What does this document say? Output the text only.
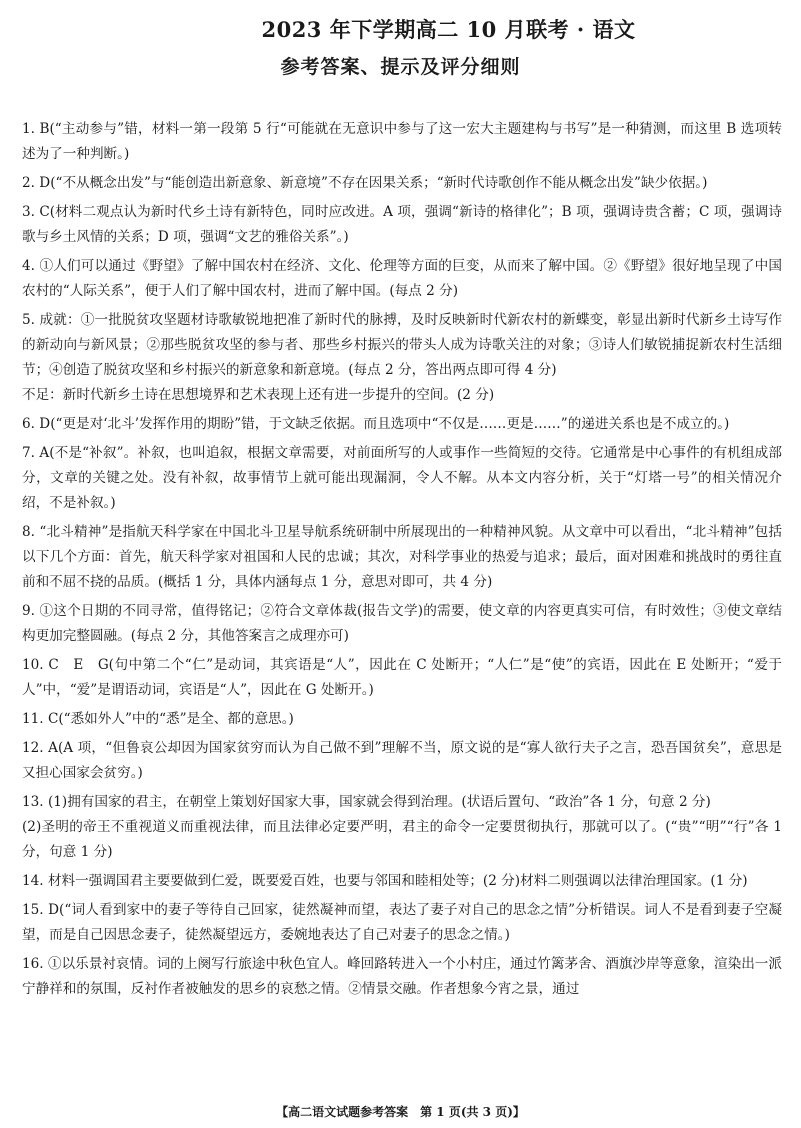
2023 年下学期高二 10 月联考 · 语文
参考答案、提示及评分细则

1. B(“主动参与”错，材料一第一段第 5 行“可能就在无意识中参与了这一宏大主题建构与书写”是一种猜测，而这里 B 选项转述为了一种判断。)

2. D(“不从概念出发”与“能创造出新意象、新意境”不存在因果关系；“新时代诗歌创作不能从概念出发”缺少依据。)

3. C(材料二观点认为新时代乡土诗有新特色，同时应改进。A 项，强调“新诗的格律化”；B 项，强调诗贵含蓄；C 项，强调诗歌与乡土风情的关系；D 项，强调“文艺的雅俗关系”。)

4. ①人们可以通过《野望》了解中国农村在经济、文化、伦理等方面的巨变，从而来了解中国。②《野望》很好地呈现了中国农村的“人际关系”，便于人们了解中国农村，进而了解中国。(每点 2 分)

5. 成就：①一批脱贫攻坚题材诗歌敏锐地把准了新时代的脉搏，及时反映新时代新农村的新蝶变，彰显出新时代新乡土诗写作的新动向与新风景；②那些脱贫攻坚的参与者、那些乡村振兴的带头人成为诗歌关注的对象；③诗人们敏锐捕捉新农村生活细节；④创造了脱贫攻坚和乡村振兴的新意象和新意境。(每点 2 分，答出两点即可得 4 分)

不足：新时代新乡土诗在思想境界和艺术表现上还有进一步提升的空间。(2 分)

6. D(“更是对‘北斗’发挥作用的期盼”错，于文缺乏依据。而且选项中“不仅是……更是……”的递进关系也是不成立的。)

7. A(不是“补叙”。补叙，也叫追叙，根据文章需要，对前面所写的人或事作一些简短的交待。它通常是中心事件的有机组成部分，文章的关键之处。没有补叙，故事情节上就可能出现漏洞，令人不解。从本文内容分析，关于“灯塔一号”的相关情况介绍，不是补叙。)

8. “北斗精神”是指航天科学家在中国北斗卫星导航系统研制中所展现出的一种精神风貌。从文章中可以看出，“北斗精神”包括以下几个方面：首先，航天科学家对祖国和人民的忠诚；其次，对科学事业的热爱与追求；最后，面对困难和挑战时的勇往直前和不屈不挠的品质。(概括 1 分，具体内涵每点 1 分，意思对即可，共 4 分)

9. ①这个日期的不同寻常，值得铭记；②符合文章体裁(报告文学)的需要，使文章的内容更真实可信，有时效性；③使文章结构更加完整圆融。(每点 2 分，其他答案言之成理亦可)

10. C　E　G(句中第二个“仁”是动词，其宾语是“人”，因此在 C 处断开；“人仁”是“使”的宾语，因此在 E 处断开；“爱于人”中，“爱”是谓语动词，宾语是“人”，因此在 G 处断开。)

11. C(“悉如外人”中的“悉”是全、都的意思。)

12. A(A 项，“但鲁哀公却因为国家贫穷而认为自己做不到”理解不当，原文说的是“寡人欲行夫子之言，恐吾国贫矣”，意思是又担心国家会贫穷。)

13. (1)拥有国家的君主，在朝堂上策划好国家大事，国家就会得到治理。(状语后置句、“政治”各 1 分，句意 2 分)

(2)圣明的帝王不重视道义而重视法律，而且法律必定要严明，君主的命令一定要贯彻执行，那就可以了。(“贵”“明”“行”各 1 分，句意 1 分)

14. 材料一强调国君主要要做到仁爱，既要爱百姓，也要与邻国和睦相处等；(2 分)材料二则强调以法律治理国家。(1 分)

15. D(“词人看到家中的妻子等待自己回家，徒然凝神而望，表达了妻子对自己的思念之情”分析错误。词人不是看到妻子空凝望，而是自己因思念妻子，徒然凝望远方，委婉地表达了自己对妻子的思念之情。)

16. ①以乐景衬哀情。词的上阕写行旅途中秋色宜人。峰回路转进入一个小村庄，通过竹篱茅舍、酒旗沙岸等意象，渲染出一派宁静祥和的氛围，反衬作者被触发的思乡的哀愁之情。②情景交融。作者想象今宵之景，通过

【高二语文试题参考答案　第 1 页(共 3 页)】
